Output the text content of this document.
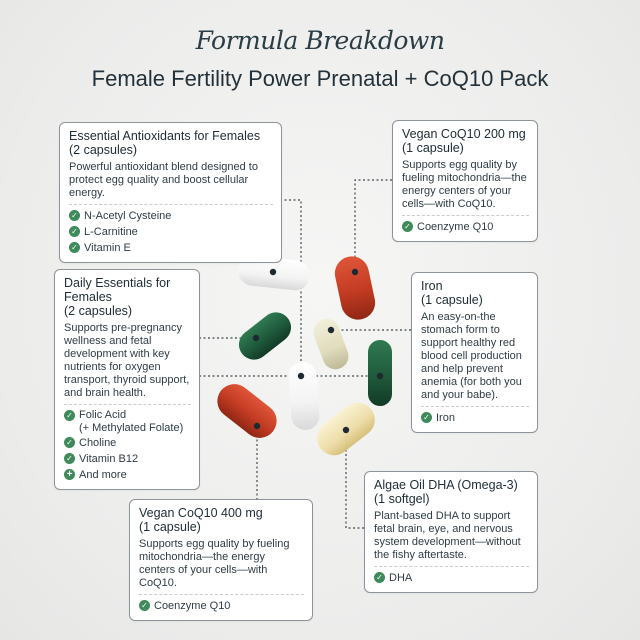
Formula Breakdown
Female Fertility Power Prenatal + CoQ10 Pack
Essential Antioxidants for Females
(2 capsules)
Powerful antioxidant blend designed to protect egg quality and boost cellular energy.
✓ N-Acetyl Cysteine
✓ L-Carnitine
✓ Vitamin E
Vegan CoQ10 200 mg
(1 capsule)
Supports egg quality by fueling mitochondria—the energy centers of your cells—with CoQ10.
✓ Coenzyme Q10
Daily Essentials for Females
(2 capsules)
Supports pre-pregnancy wellness and fetal development with key nutrients for oxygen transport, thyroid support, and brain health.
✓ Folic Acid
(+ Methylated Folate)
✓ Choline
✓ Vitamin B12
+ And more
Iron
(1 capsule)
An easy-on-the stomach form to support healthy red blood cell production and help prevent anemia (for both you and your babe).
✓ Iron
Vegan CoQ10 400 mg
(1 capsule)
Supports egg quality by fueling mitochondria—the energy centers of your cells—with CoQ10.
✓ Coenzyme Q10
Algae Oil DHA (Omega-3)
(1 softgel)
Plant-based DHA to support fetal brain, eye, and nervous system development—without the fishy aftertaste.
✓ DHA
